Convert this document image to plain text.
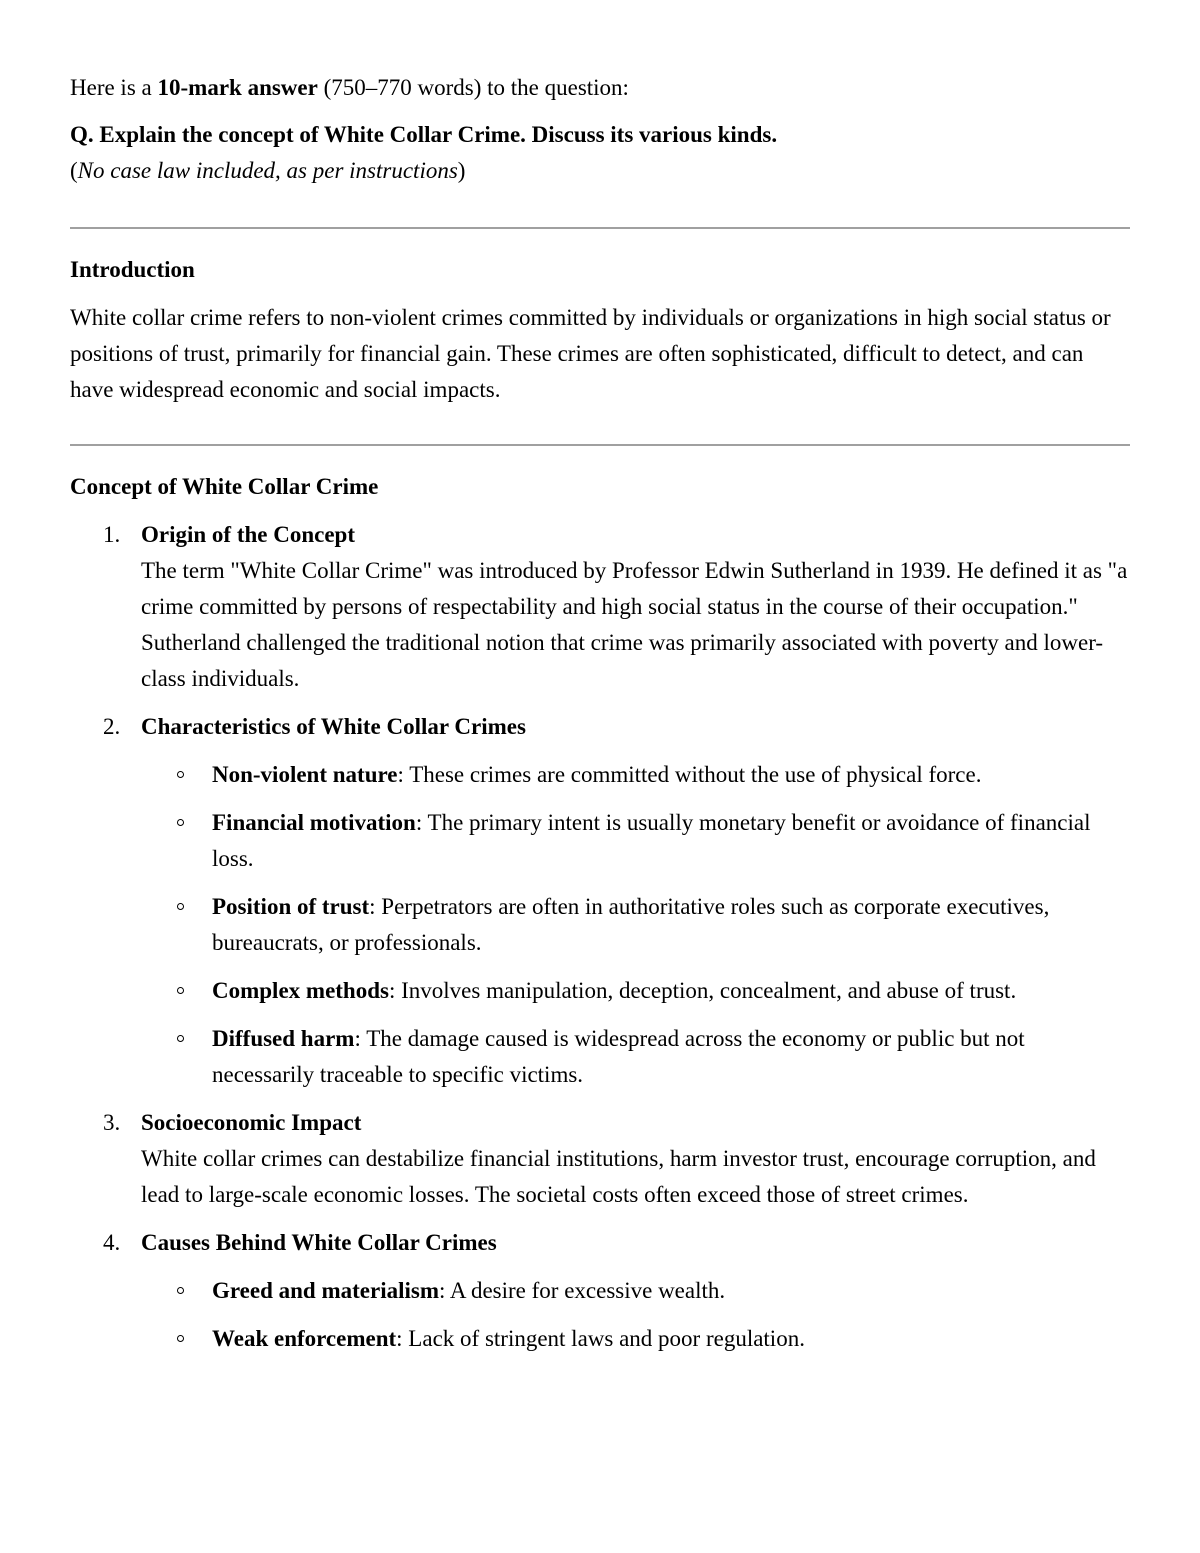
Here is a 10-mark answer (750–770 words) to the question:

Q. Explain the concept of White Collar Crime. Discuss its various kinds.

(No case law included, as per instructions)

Introduction

White collar crime refers to non-violent crimes committed by individuals or organizations in high social status or positions of trust, primarily for financial gain. These crimes are often sophisticated, difficult to detect, and can have widespread economic and social impacts.

Concept of White Collar Crime

1. Origin of the Concept
The term "White Collar Crime" was introduced by Professor Edwin Sutherland in 1939. He defined it as "a crime committed by persons of respectability and high social status in the course of their occupation." Sutherland challenged the traditional notion that crime was primarily associated with poverty and lower-class individuals.
2. Characteristics of White Collar Crimes
Non-violent nature: These crimes are committed without the use of physical force.
Financial motivation: The primary intent is usually monetary benefit or avoidance of financial loss.
Position of trust: Perpetrators are often in authoritative roles such as corporate executives, bureaucrats, or professionals.
Complex methods: Involves manipulation, deception, concealment, and abuse of trust.
Diffused harm: The damage caused is widespread across the economy or public but not necessarily traceable to specific victims.
3. Socioeconomic Impact
White collar crimes can destabilize financial institutions, harm investor trust, encourage corruption, and lead to large-scale economic losses. The societal costs often exceed those of street crimes.
4. Causes Behind White Collar Crimes
Greed and materialism: A desire for excessive wealth.
Weak enforcement: Lack of stringent laws and poor regulation.
